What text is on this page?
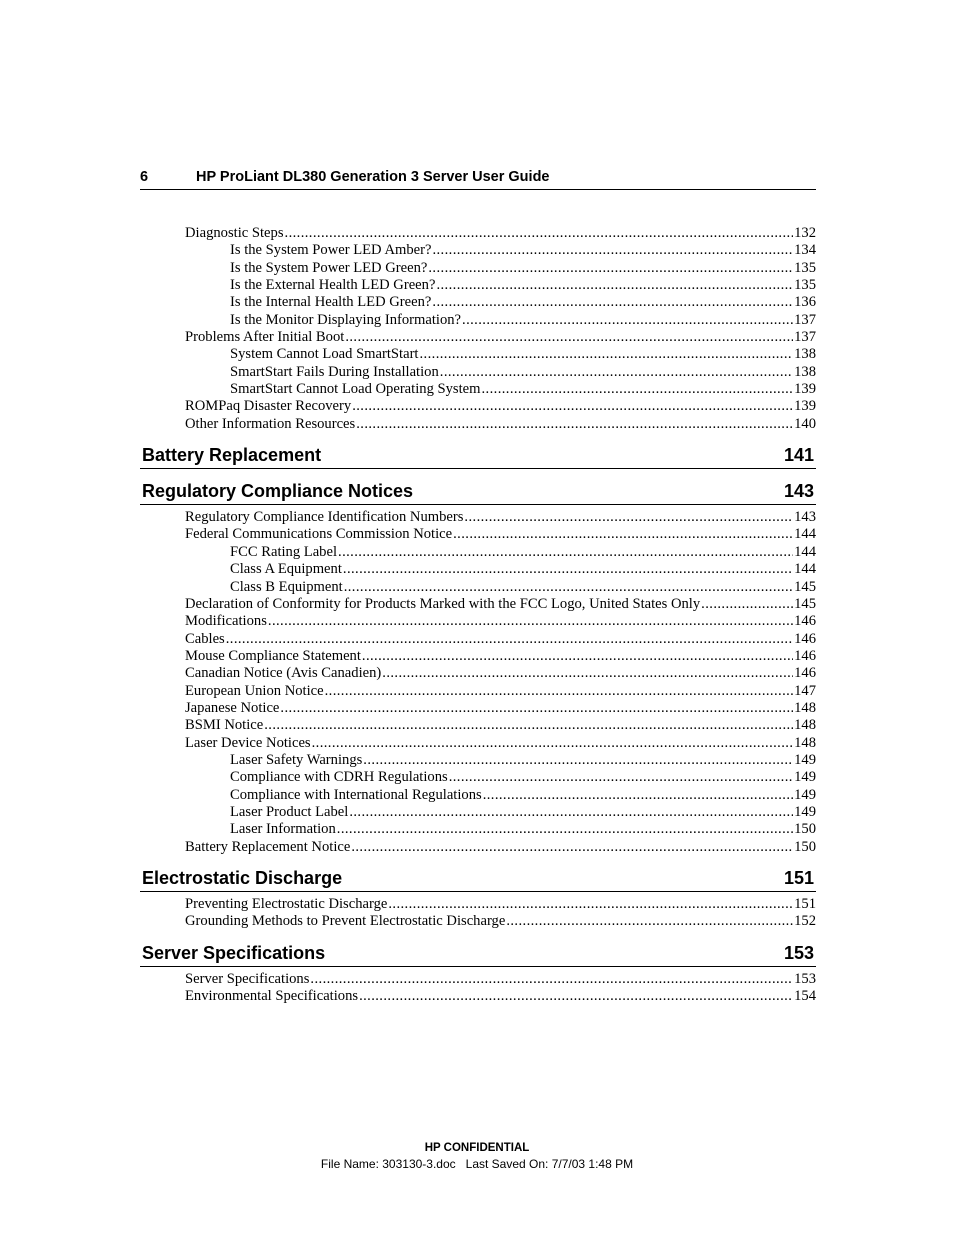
6	HP ProLiant DL380 Generation 3 Server User Guide
Diagnostic Steps .....	132
Is the System Power LED Amber? .....	134
Is the System Power LED Green? .....	135
Is the External Health LED Green? .....	135
Is the Internal Health LED Green? .....	136
Is the Monitor Displaying Information? .....	137
Problems After Initial Boot .....	137
System Cannot Load SmartStart .....	138
SmartStart Fails During Installation .....	138
SmartStart Cannot Load Operating System .....	139
ROMPaq Disaster Recovery .....	139
Other Information Resources .....	140
Battery Replacement	141
Regulatory Compliance Notices	143
Regulatory Compliance Identification Numbers .....	143
Federal Communications Commission Notice .....	144
FCC Rating Label .....	144
Class A Equipment .....	144
Class B Equipment .....	145
Declaration of Conformity for Products Marked with the FCC Logo, United States Only .....	145
Modifications .....	146
Cables .....	146
Mouse Compliance Statement .....	146
Canadian Notice (Avis Canadien) .....	146
European Union Notice .....	147
Japanese Notice .....	148
BSMI Notice .....	148
Laser Device Notices .....	148
Laser Safety Warnings .....	149
Compliance with CDRH Regulations .....	149
Compliance with International Regulations .....	149
Laser Product Label .....	149
Laser Information .....	150
Battery Replacement Notice .....	150
Electrostatic Discharge	151
Preventing Electrostatic Discharge .....	151
Grounding Methods to Prevent Electrostatic Discharge .....	152
Server Specifications	153
Server Specifications .....	153
Environmental Specifications .....	154
HP CONFIDENTIAL
File Name: 303130-3.doc   Last Saved On: 7/7/03 1:48 PM
